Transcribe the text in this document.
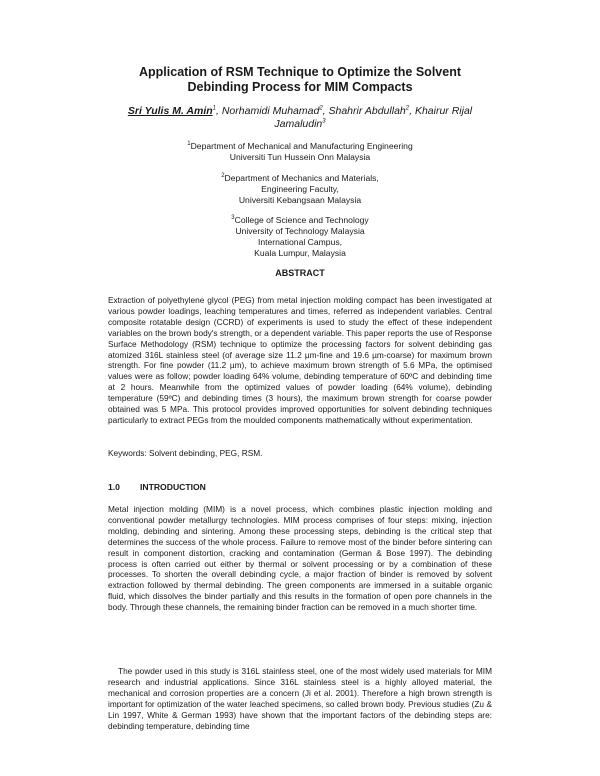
Application of RSM Technique to Optimize the Solvent
Debinding Process for MIM Compacts
Sri Yulis M. Amin$^1$, Norhamidi Muhamad$^2$, Shahrir Abdullah$^2$, Khairur Rijal
Jamaludin$^3$
$^1$Department of Mechanical and Manufacturing Engineering
Universiti Tun Hussein Onn Malaysia
$^2$Department of Mechanics and Materials,
Engineering Faculty,
Universiti Kebangsaan Malaysia
$^3$College of Science and Technology
University of Technology Malaysia
International Campus,
Kuala Lumpur, Malaysia
ABSTRACT
Extraction of polyethylene glycol (PEG) from metal injection molding compact has been investigated at various powder loadings, leaching temperatures and times, referred as independent variables. Central composite rotatable design (CCRD) of experiments is used to study the effect of these independent variables on the brown body's strength, or a dependent variable. This paper reports the use of Response Surface Methodology (RSM) technique to optimize the processing factors for solvent debinding gas atomized 316L stainless steel (of average size 11.2 µm-fine and 19.6 µm-coarse) for maximum brown strength. For fine powder (11.2 µm), to achieve maximum brown strength of 5.6 MPa, the optimised values were as follow; powder loading 64% volume, debinding temperature of 60ºC and debinding time at 2 hours. Meanwhile from the optimized values of powder loading (64% volume), debinding temperature (59ºC) and debinding times (3 hours), the maximum brown strength for coarse powder obtained was 5 MPa. This protocol provides improved opportunities for solvent debinding techniques particularly to extract PEGs from the moulded components mathematically without experimentation.
Keywords: Solvent debinding, PEG, RSM.
1.0 INTRODUCTION
Metal injection molding (MIM) is a novel process, which combines plastic injection molding and conventional powder metallurgy technologies. MIM process comprises of four steps: mixing, injection molding, debinding and sintering. Among these processing steps, debinding is the critical step that determines the success of the whole process. Failure to remove most of the binder before sintering can result in component distortion, cracking and contamination (German & Bose 1997). The debinding process is often carried out either by thermal or solvent processing or by a combination of these processes. To shorten the overall debinding cycle, a major fraction of binder is removed by solvent extraction followed by thermal debinding. The green components are immersed in a suitable organic fluid, which dissolves the binder partially and this results in the formation of open pore channels in the body. Through these channels, the remaining binder fraction can be removed in a much shorter time.
The powder used in this study is 316L stainless steel, one of the most widely used materials for MIM research and industrial applications. Since 316L stainless steel is a highly alloyed material, the mechanical and corrosion properties are a concern (Ji et al. 2001). Therefore a high brown strength is important for optimization of the water leached specimens, so called brown body. Previous studies (Zu & Lin 1997, White & German 1993) have shown that the important factors of the debinding steps are: debinding temperature, debinding time
